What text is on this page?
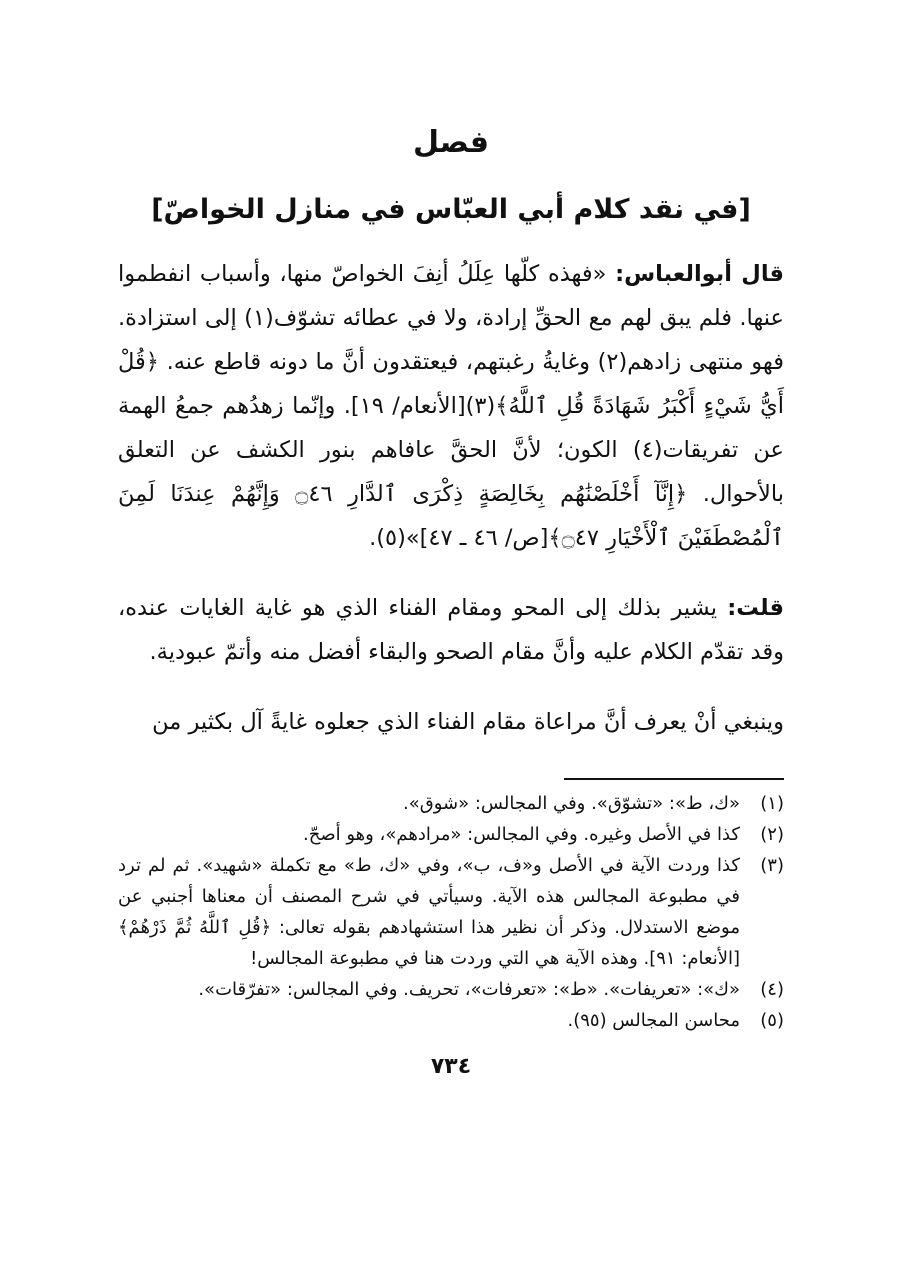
فصل
[في نقد كلام أبي العبّاس في منازل الخواصّ]

قال أبوالعباس: «فهذه كلّها عِلَلُ أنِفَ الخواصّ منها، وأسباب انفطموا عنها. فلم يبق لهم مع الحقِّ إرادة، ولا في عطائه تشوّف(١) إلى استزادة. فهو منتهى زادهم(٢) وغايةُ رغبتهم، فيعتقدون أنَّ ما دونه قاطع عنه. ﴿قُلْ أَيُّ شَيْءٍ أَكْبَرُ شَهَادَةً قُلِ ٱللَّهُ﴾(٣)[الأنعام/ ١٩]. وإنّما زهدُهم جمعُ الهمة عن تفريقات(٤) الكون؛ لأنَّ الحقَّ عافاهم بنور الكشف عن التعلق بالأحوال. ﴿إِنَّآ أَخْلَصْنَٰهُم بِخَالِصَةٍ ذِكْرَى ٱلدَّارِ ۝٤٦ وَإِنَّهُمْ عِندَنَا لَمِنَ ٱلْمُصْطَفَيْنَ ٱلْأَخْيَارِ ۝٤٧﴾[ص/ ٤٦ ـ ٤٧]»(٥).

قلت: يشير بذلك إلى المحو ومقام الفناء الذي هو غاية الغايات عنده، وقد تقدّم الكلام عليه وأنَّ مقام الصحو والبقاء أفضل منه وأتمّ عبودية.

وينبغي أنْ يعرف أنَّ مراعاة مقام الفناء الذي جعلوه غايةً آل بكثير من

(١)
«ك، ط»: «تشوّق». وفي المجالس: «شوق».
(٢)
كذا في الأصل وغيره. وفي المجالس: «مرادهم»، وهو أصحّ.
(٣)
كذا وردت الآية في الأصل و«ف، ب»، وفي «ك، ط» مع تكملة «شهيد». ثم لم ترد في مطبوعة المجالس هذه الآية. وسيأتي في شرح المصنف أن معناها أجنبي عن موضع الاستدلال. وذكر أن نظير هذا استشهادهم بقوله تعالى: ﴿قُلِ ٱللَّهُ ثُمَّ ذَرْهُمْ﴾ [الأنعام: ٩١]. وهذه الآية هي التي وردت هنا في مطبوعة المجالس!
(٤)
«ك»: «تعريفات». «ط»: «تعرفات»، تحريف. وفي المجالس: «تفرّقات».
(٥)
محاسن المجالس (٩٥).
٧٣٤
